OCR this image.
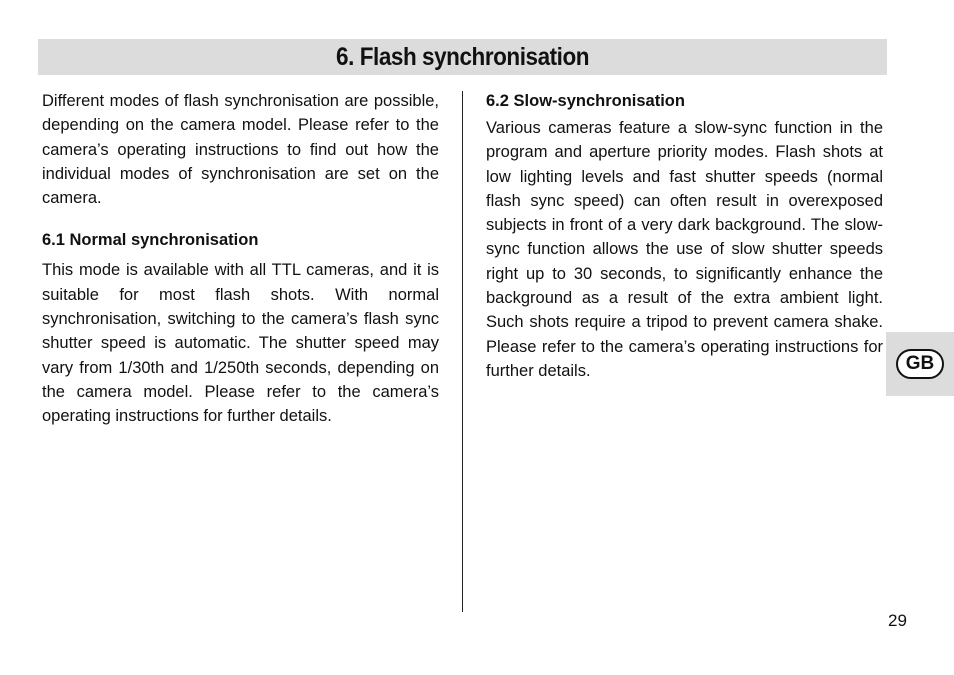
6. Flash synchronisation

Different modes of flash synchronisation are possible, depending on the camera model. Please refer to the camera’s operating instructions to find out how the individual modes of synchronisation are set on the camera.

6.1 Normal synchronisation

This mode is available with all TTL cameras, and it is suitable for most flash shots. With normal synchronisation, switching to the camera’s flash sync shutter speed is automatic. The shutter speed may vary from 1/30th and 1/250th seconds, depending on the camera model. Please refer to the camera’s operating instructions for further details.

6.2 Slow-synchronisation

Various cameras feature a slow-sync function in the program and aperture priority modes. Flash shots at low lighting levels and fast shutter speeds (normal flash sync speed) can often result in overexposed subjects in front of a very dark background. The slow-sync function allows the use of slow shutter speeds right up to 30 seconds, to significantly enhance the background as a result of the extra ambient light. Such shots require a tripod to prevent camera shake. Please refer to the camera’s operating instructions for further details.	GB
29
